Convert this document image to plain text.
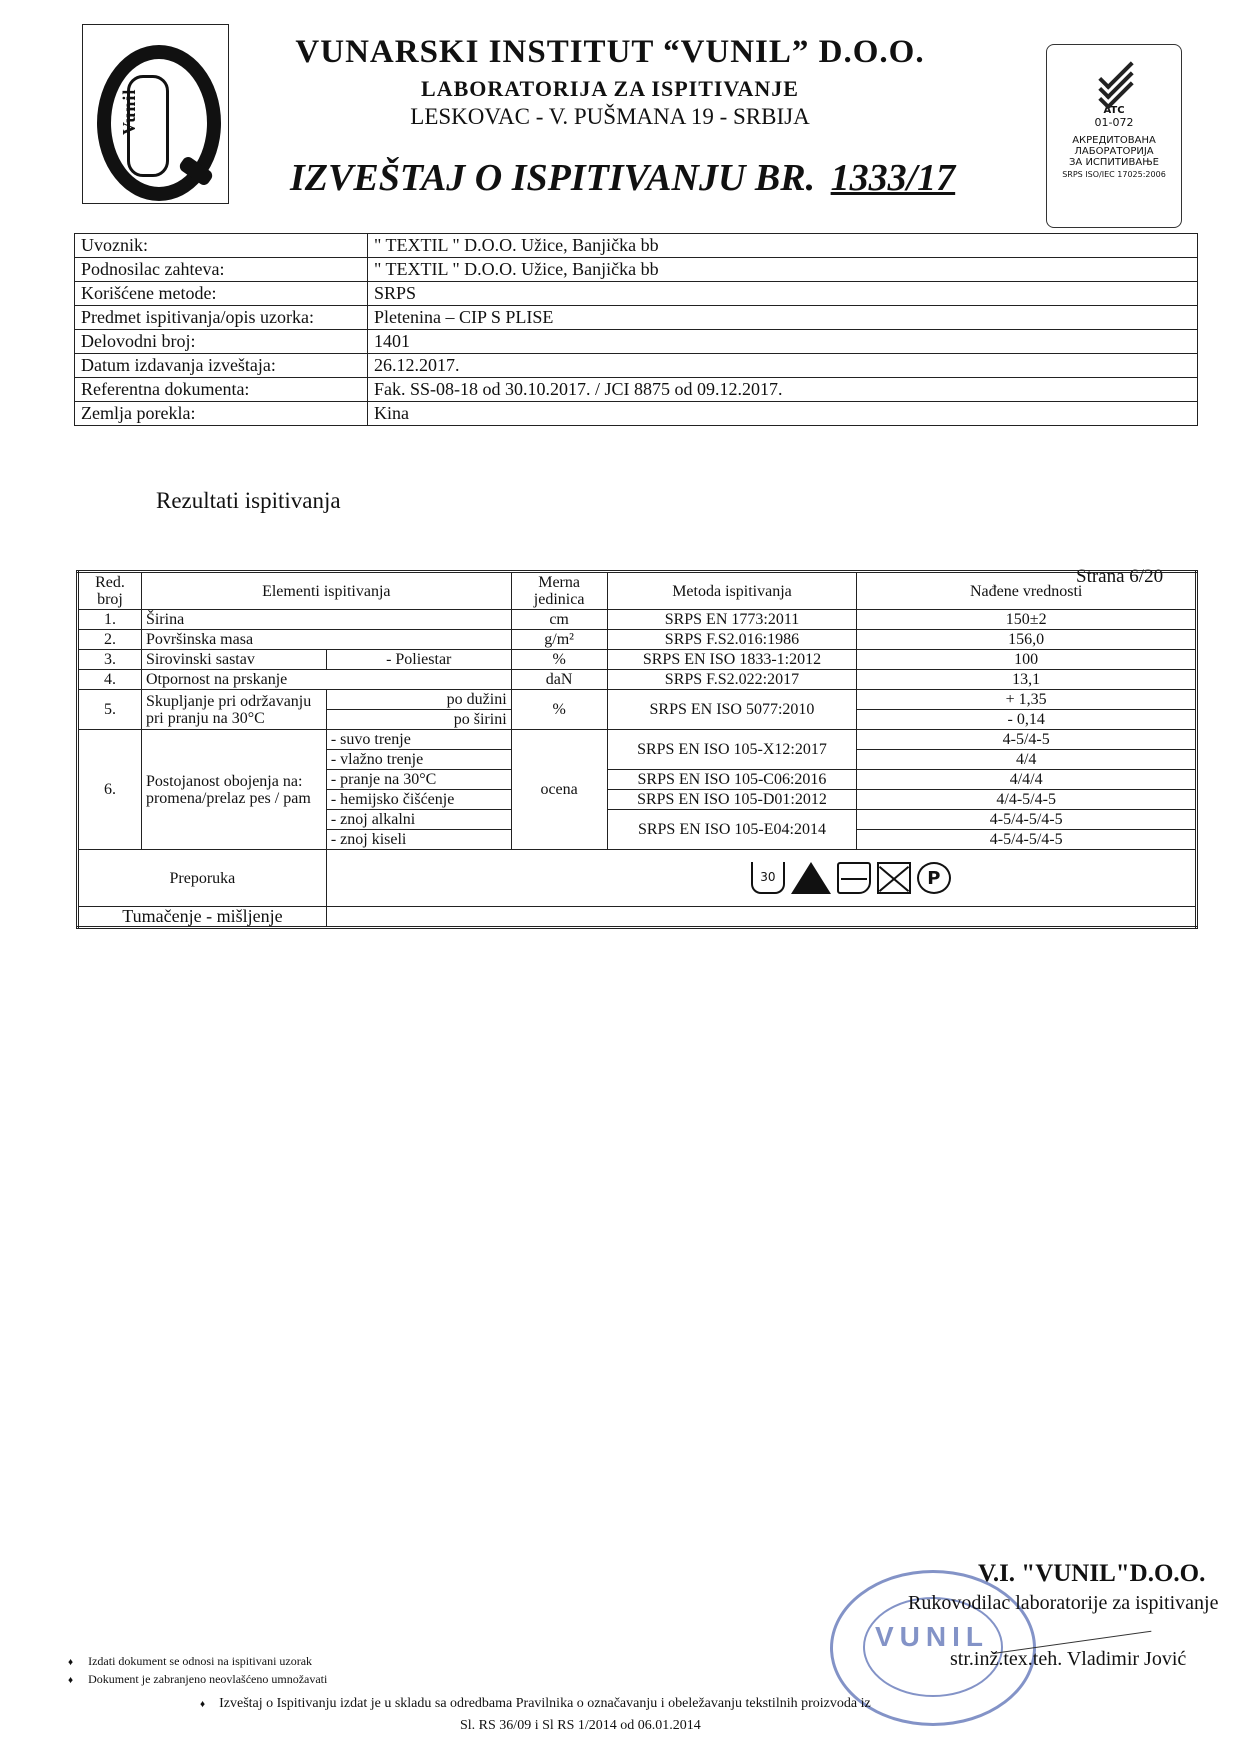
Vunil
VUNARSKI INSTITUT “VUNIL” D.O.O.
LABORATORIJA ZA ISPITIVANJE
LESKOVAC - V. PUŠMANA 19 - SRBIJA
IZVEŠTAJ O ISPITIVANJU BR. 1333/17
ATC
01-072
АКРЕДИТОВАНА
ЛАБОРАТОРИЈА
ЗА ИСПИТИВАЊЕ
SRPS ISO/IEC 17025:2006
Uvoznik:	" TEXTIL " D.O.O. Užice, Banjička bb
Podnosilac zahteva:	" TEXTIL " D.O.O. Užice, Banjička bb
Korišćene metode:	SRPS
Predmet ispitivanja/opis uzorka:	Pletenina – CIP S PLISE
Delovodni broj:	1401
Datum izdavanja izveštaja:	26.12.2017.
Referentna dokumenta:	Fak. SS-08-18 od 30.10.2017. / JCI 8875 od 09.12.2017.
Zemlja porekla:	Kina
Rezultati ispitivanja
Strana 6/20
Red. broj	Elementi ispitivanja		Merna jedinica	Metoda ispitivanja	Nađene vrednosti
1.	Širina		cm	SRPS EN 1773:2011	150±2
2.	Površinska masa		g/m²	SRPS F.S2.016:1986	156,0
3.	Sirovinski sastav	- Poliestar	%	SRPS EN ISO 1833-1:2012	100
4.	Otpornost na prskanje		daN	SRPS F.S2.022:2017	13,1
5.	Skupljanje pri održavanju pri pranju na 30°C	po dužini	%	SRPS EN ISO 5077:2010	+ 1,35
		po širini			- 0,14
6.	Postojanost obojenja na: promena/prelaz pes / pam	- suvo trenje	ocena	SRPS EN ISO 105-X12:2017	4-5/4-5
		- vlažno trenje			4/4
		- pranje na 30°C		SRPS EN ISO 105-C06:2016	4/4/4
		- hemijsko čišćenje		SRPS EN ISO 105-D01:2012	4/4-5/4-5
		- znoj alkalni		SRPS EN ISO 105-E04:2014	4-5/4-5/4-5
		- znoj kiseli			4-5/4-5/4-5
Preporuka		30 P			

Tumačenje - mišljenje					
VUNIL
V.I. "VUNIL"D.O.O.
Rukovodilac laboratorije za ispitivanje
str.inž.tex.teh. Vladimir Jović
♦ Izdati dokument se odnosi na ispitivani uzorak
♦ Dokument je zabranjeno neovlašćeno umnožavati
♦ Izveštaj o Ispitivanju izdat je u skladu sa odredbama Pravilnika o označavanju i obeležavanju tekstilnih proizvoda iz
Sl. RS 36/09 i Sl RS 1/2014 od 06.01.2014
